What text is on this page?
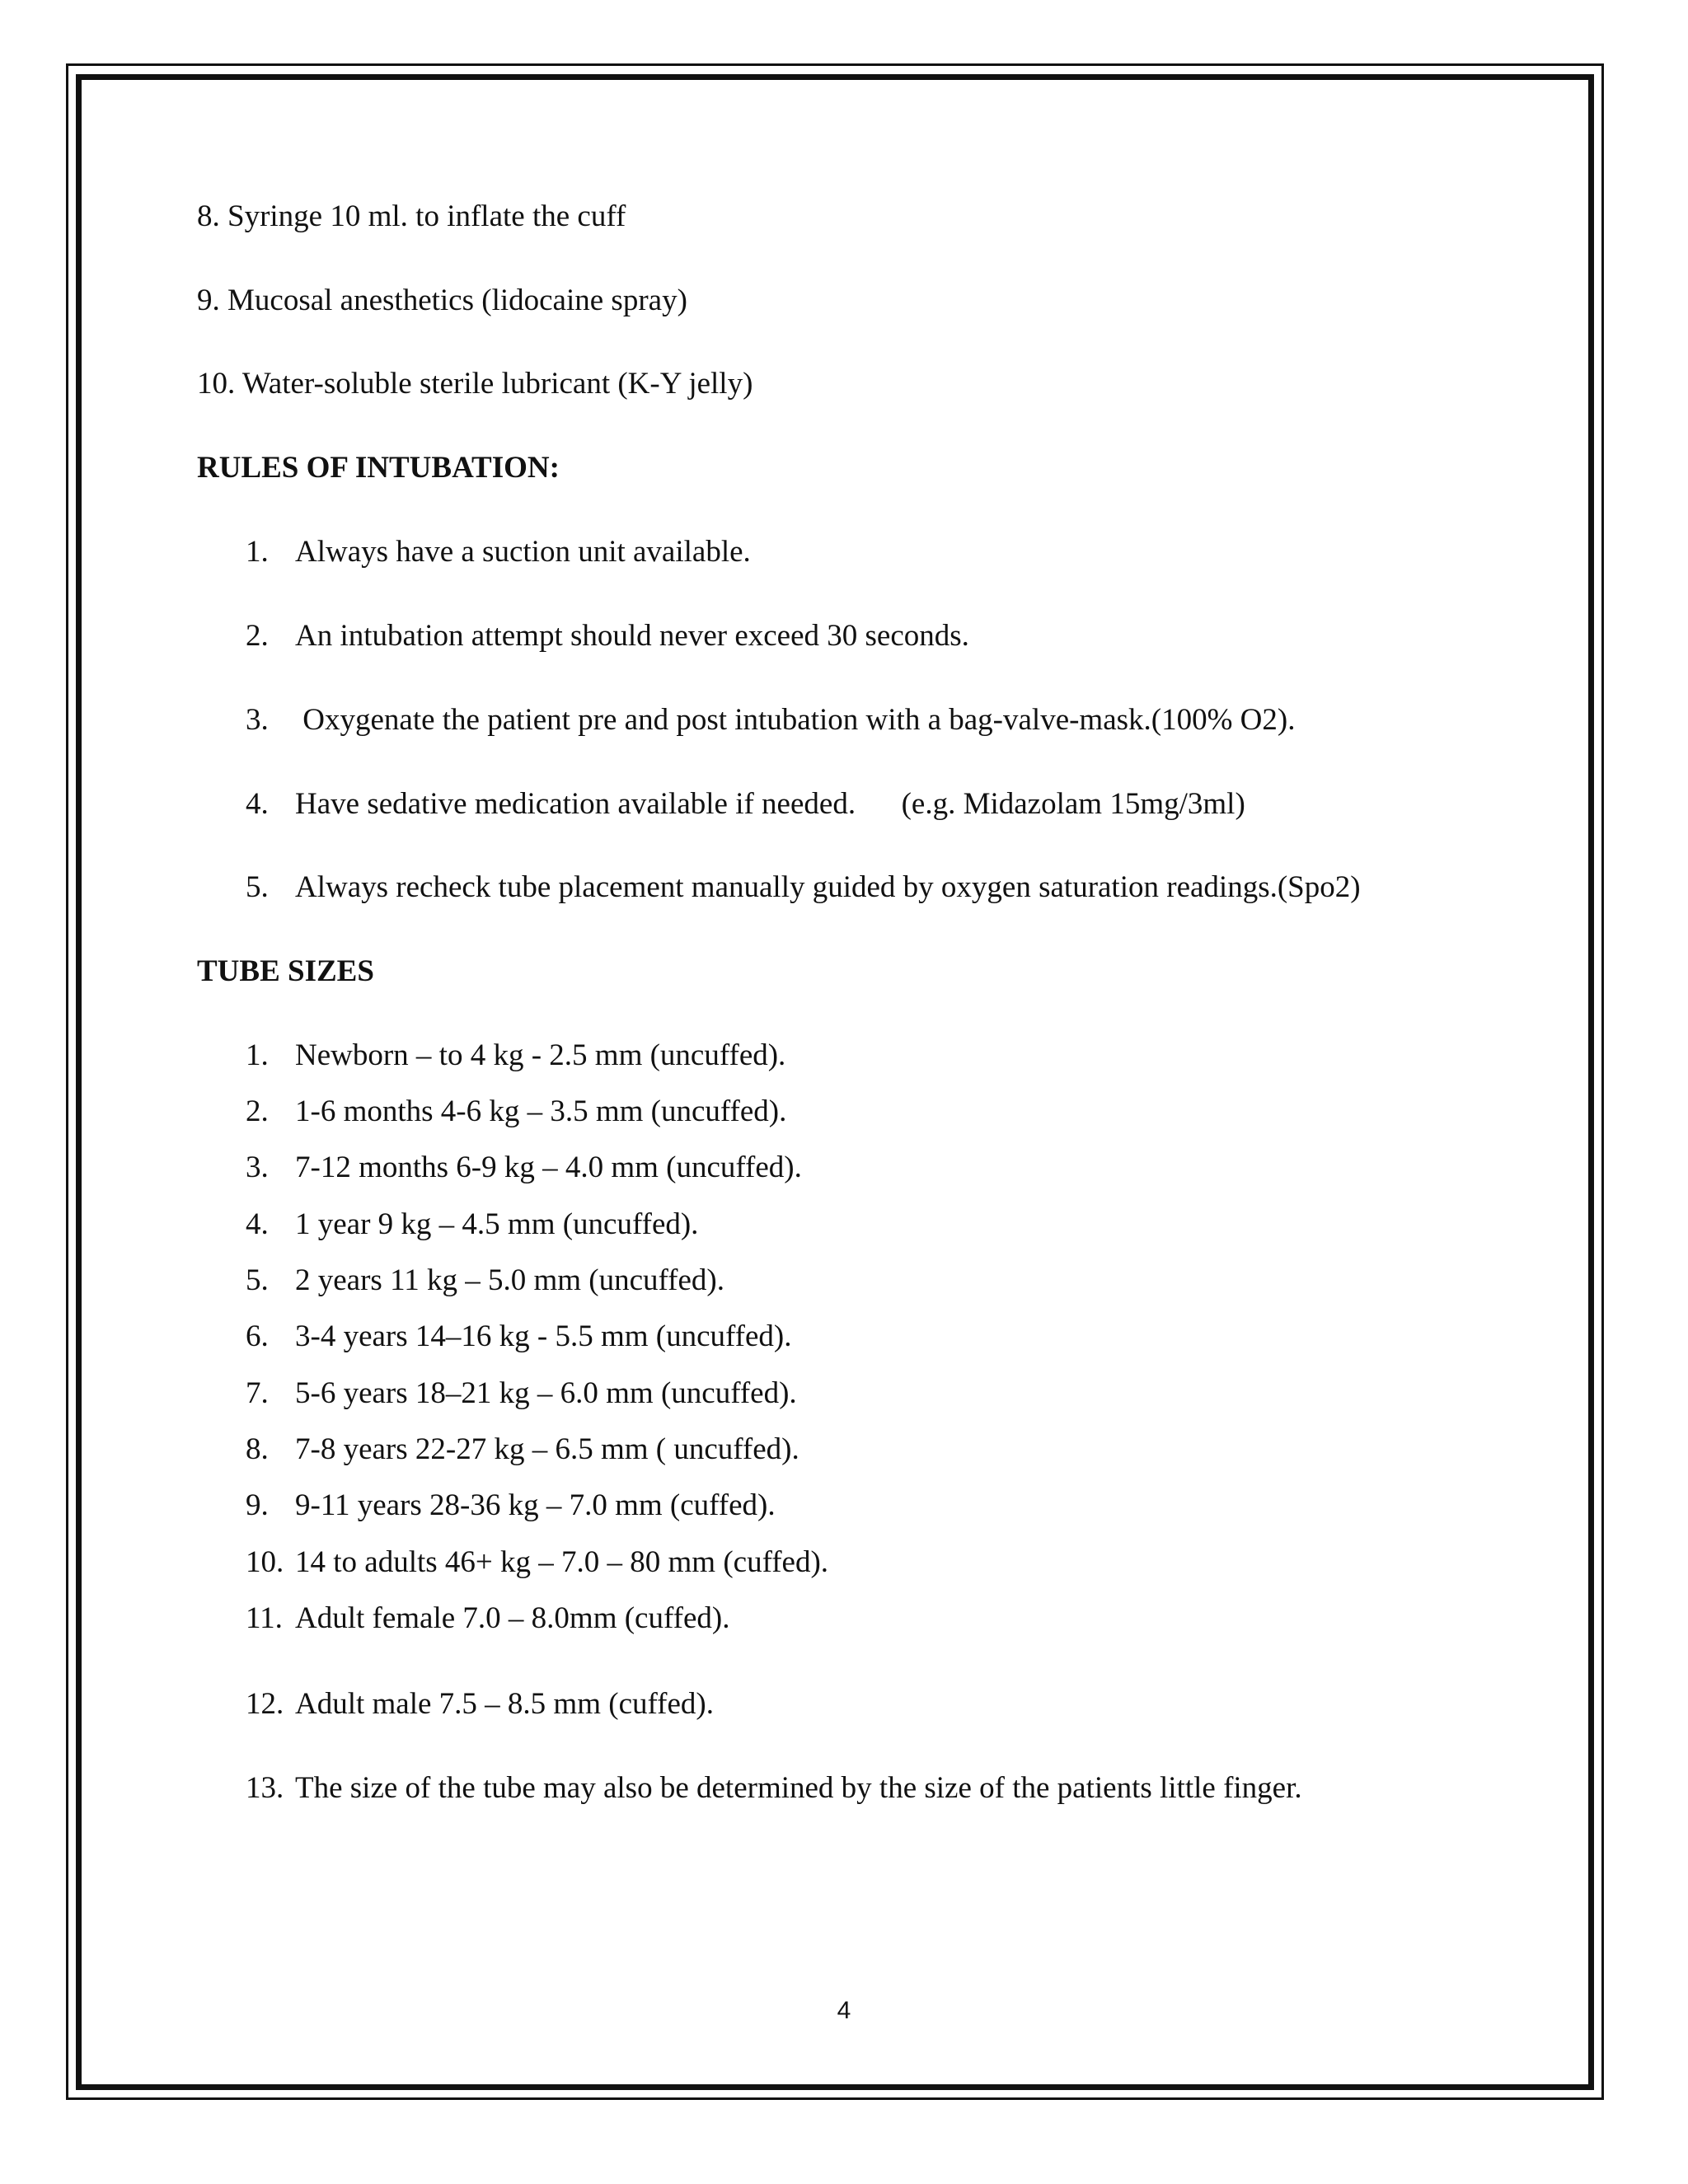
8. Syringe 10 ml. to inflate the cuff

9. Mucosal anesthetics (lidocaine spray)

10. Water-soluble sterile lubricant (K-Y jelly)

RULES OF INTUBATION:

1. Always have a suction unit available.
2. An intubation attempt should never exceed 30 seconds.
3. Oxygenate the patient pre and post intubation with a bag-valve-mask.(100% O2).
4. Have sedative medication available if needed.      (e.g. Midazolam 15mg/3ml)
5. Always recheck tube placement manually guided by oxygen saturation readings.(Spo2)

TUBE SIZES

1. Newborn – to 4 kg - 2.5 mm (uncuffed).
2. 1-6 months 4-6 kg – 3.5 mm (uncuffed).
3. 7-12 months 6-9 kg – 4.0 mm (uncuffed).
4. 1 year 9 kg – 4.5 mm (uncuffed).
5. 2 years 11 kg – 5.0 mm (uncuffed).
6. 3-4 years 14–16 kg - 5.5 mm (uncuffed).
7. 5-6 years 18–21 kg – 6.0 mm (uncuffed).
8. 7-8 years 22-27 kg – 6.5 mm ( uncuffed).
9. 9-11 years 28-36 kg – 7.0 mm (cuffed).
10. 14 to adults 46+ kg – 7.0 – 80 mm (cuffed).
11. Adult female 7.0 – 8.0mm (cuffed).
12. Adult male 7.5 – 8.5 mm (cuffed).
13. The size of the tube may also be determined by the size of the patients little finger.
4
